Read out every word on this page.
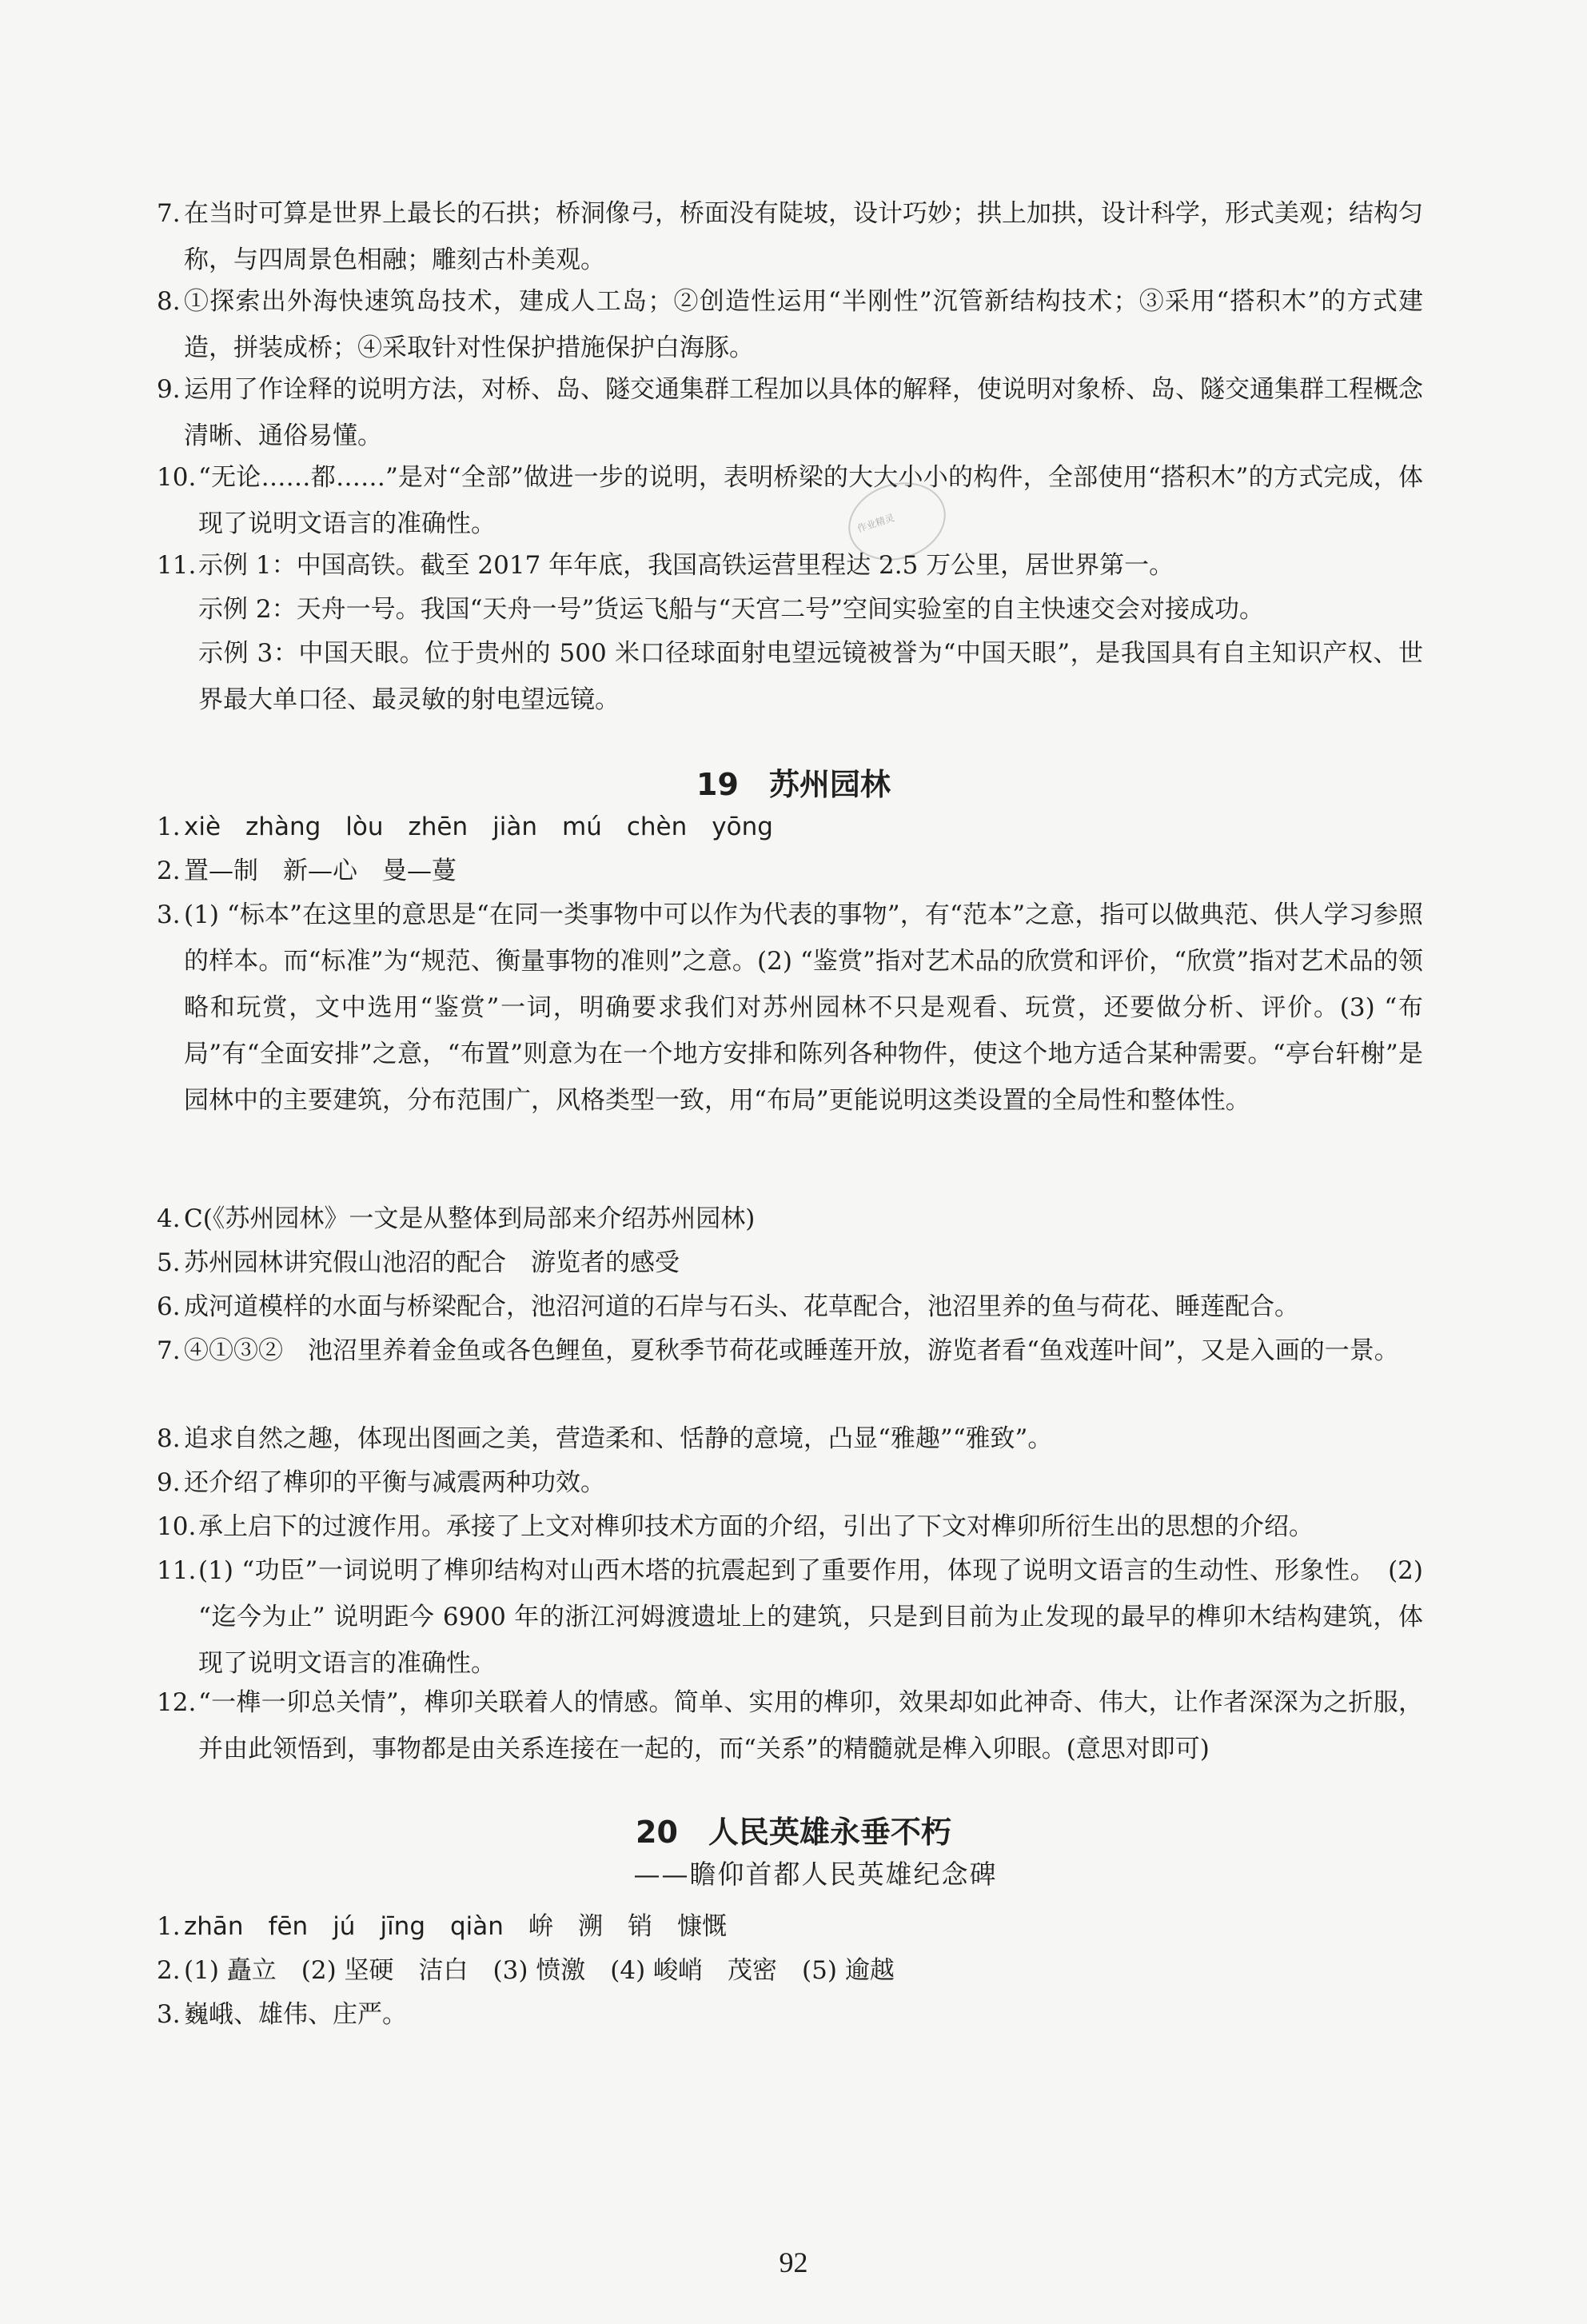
7. 在当时可算是世界上最长的石拱；桥洞像弓，桥面没有陡坡，设计巧妙；拱上加拱，设计科学，形式美观；结构匀称，与四周景色相融；雕刻古朴美观。
8. ①探索出外海快速筑岛技术，建成人工岛；②创造性运用“半刚性”沉管新结构技术；③采用“搭积木”的方式建造，拼装成桥；④采取针对性保护措施保护白海豚。
9. 运用了作诠释的说明方法，对桥、岛、隧交通集群工程加以具体的解释，使说明对象桥、岛、隧交通集群工程概念清晰、通俗易懂。
10. “无论……都……”是对“全部”做进一步的说明，表明桥梁的大大小小的构件，全部使用“搭积木”的方式完成，体现了说明文语言的准确性。	作业精灵
11. 示例 1：中国高铁。截至 2017 年年底，我国高铁运营里程达 2.5 万公里，居世界第一。
示例 2：天舟一号。我国“天舟一号”货运飞船与“天宫二号”空间实验室的自主快速交会对接成功。
示例 3：中国天眼。位于贵州的 500 米口径球面射电望远镜被誉为“中国天眼”，是我国具有自主知识产权、世界最大单口径、最灵敏的射电望远镜。
19　苏州园林
1. xiè　zhàng　lòu　zhēn　jiàn　mú　chèn　yōng
2. 置—制　新—心　曼—蔓
3. (1) “标本”在这里的意思是“在同一类事物中可以作为代表的事物”，有“范本”之意，指可以做典范、供人学习参照的样本。而“标准”为“规范、衡量事物的准则”之意。(2) “鉴赏”指对艺术品的欣赏和评价，“欣赏”指对艺术品的领略和玩赏，文中选用“鉴赏”一词，明确要求我们对苏州园林不只是观看、玩赏，还要做分析、评价。(3) “布局”有“全面安排”之意，“布置”则意为在一个地方安排和陈列各种物件，使这个地方适合某种需要。“亭台轩榭”是园林中的主要建筑，分布范围广，风格类型一致，用“布局”更能说明这类设置的全局性和整体性。
4. C(《苏州园林》一文是从整体到局部来介绍苏州园林)
5. 苏州园林讲究假山池沼的配合　游览者的感受
6. 成河道模样的水面与桥梁配合，池沼河道的石岸与石头、花草配合，池沼里养的鱼与荷花、睡莲配合。
7. ④①③②　池沼里养着金鱼或各色鲤鱼，夏秋季节荷花或睡莲开放，游览者看“鱼戏莲叶间”，又是入画的一景。
8. 追求自然之趣，体现出图画之美，营造柔和、恬静的意境，凸显“雅趣”“雅致”。
9. 还介绍了榫卯的平衡与减震两种功效。
10. 承上启下的过渡作用。承接了上文对榫卯技术方面的介绍，引出了下文对榫卯所衍生出的思想的介绍。
11. (1) “功臣”一词说明了榫卯结构对山西木塔的抗震起到了重要作用，体现了说明文语言的生动性、形象性。　(2) “迄今为止” 说明距今 6900 年的浙江河姆渡遗址上的建筑，只是到目前为止发现的最早的榫卯木结构建筑，体现了说明文语言的准确性。
12. “一榫一卯总关情”，榫卯关联着人的情感。简单、实用的榫卯，效果却如此神奇、伟大，让作者深深为之折服，并由此领悟到，事物都是由关系连接在一起的，而“关系”的精髓就是榫入卯眼。(意思对即可)
20　人民英雄永垂不朽
——瞻仰首都人民英雄纪念碑
1. zhān　fēn　jú　jīng　qiàn　峅　溯　销　慷慨
2. (1) 矗立　(2) 坚硬　洁白　(3) 愤激　(4) 峻峭　茂密　(5) 逾越
3. 巍峨、雄伟、庄严。
92
